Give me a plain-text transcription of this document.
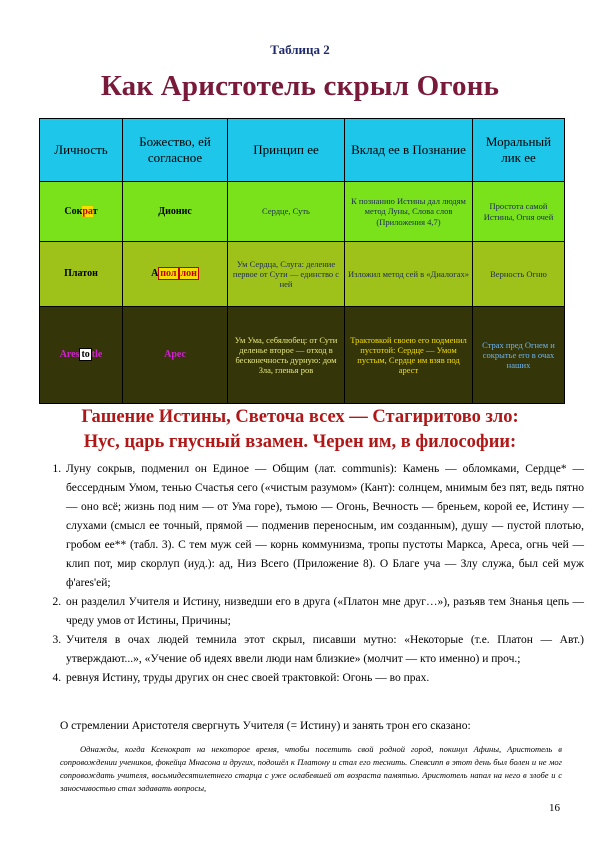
Таблица 2
Как Аристотель скрыл Огонь
Личность	Божество, ей согласное	Принцип ее	Вклад ее в Познание	Моральный лик ее
Сократ	Дионис	Сердце, Суть	К познанию Истины дал людям метод Луны, Слова слов (Приложения 4,7)	Простота самой Истины, Огня очей
Платон	А пол лон	Ум Сердца, Слуга: деление первое от Сути — единство с ней	Изложил метод сей в «Диалогах»	Верность Огню
Ares to tle	Арес	Ум Ума, себялюбец: от Сути деленье второе — отход в бесконечность дурную: дом Зла, гленья ров	Трактовкой своею его подменил пустотой: Сердце — Умом пустым, Сердце им взяв под арест	Страх пред Огнем и сокрытье его в очах наших
Гашение Истины, Светоча всех — Стагиритово зло:
Нус, царь гнусный взамен. Черен им, в философии:
1. Луну сокрыв, подменил он Единое — Общим (лат. communis): Камень — обломками, Сердце* — бессердным Умом, тенью Счастья сего («чистым разумом» (Кант): солнцем, мнимым без пят, ведь пятно — оно всё; жизнь под ним — от Ума горе), тьмою — Огонь, Вечность — бреньем, корой ее, Истину — слухами (смысл ее точный, прямой — подменив переносным, им созданным), душу — пустой плотью, гробом ее** (табл. 3). С тем муж сей — корнь коммунизма, тропы пустоты Маркса, Ареса, огнь чей — клип пот, мир скорлуп (иуд.): ад, Низ Всего (Приложение 8). О Благе уча — Злу служа, был сей муж ф'ares'ей;
2. он разделил Учителя и Истину, низведши его в друга («Платон мне друг…»), разъяв тем Знанья цепь — чреду умов от Истины, Причины;
3. Учителя в очах людей темнила этот скрыл, писавши мутно: «Некоторые (т.е. Платон — Авт.) утверждают...», «Учение об идеях ввели люди нам близкие» (молчит — кто именно) и проч.;
4. ревнуя Истину, труды других он снес своей трактовкой: Огонь — во прах.
О стремлении Аристотеля свергнуть Учителя (= Истину) и занять трон его сказано:
Однажды, когда Ксенократ на некоторое время, чтобы посетить свой родной город, покинул Афины, Аристотель в сопровождении учеников, фокейца Мнасона и других, подошёл к Платону и стал его теснить. Спевсипп в этот день был болен и не мог сопровождать учителя, восьмидесятилетнего старца с уже ослабевшей от возраста памятью. Аристотель напал на него в злобе и с заносчивостью стал задавать вопросы,
16
